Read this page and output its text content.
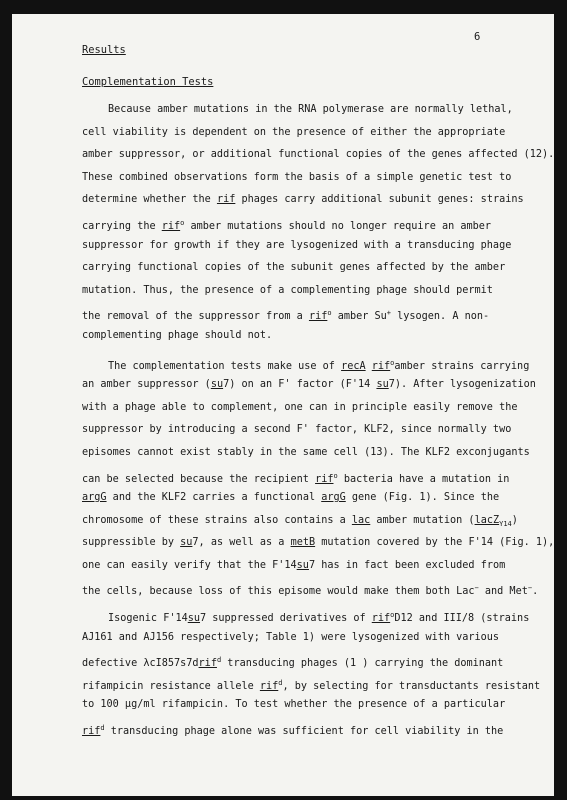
6
Results
Complementation Tests
Because amber mutations in the RNA polymerase are normally lethal,
cell viability is dependent on the presence of either the appropriate
amber suppressor, or additional functional copies of the genes affected (12).
These combined observations form the basis of a simple genetic test to
determine whether the rif phages carry additional subunit genes: strains
carrying the rif$^o$ amber mutations should no longer require an amber
suppressor for growth if they are lysogenized with a transducing phage
carrying functional copies of the subunit genes affected by the amber
mutation. Thus, the presence of a complementing phage should permit
the removal of the suppressor from a rif$^o$ amber Su+ lysogen. A non-
complementing phage should not.
The complementation tests make use of recA rif$^o$amber strains carrying
an amber suppressor (su7) on an F' factor (F'14 su7). After lysogenization
with a phage able to complement, one can in principle easily remove the
suppressor by introducing a second F' factor, KLF2, since normally two
episomes cannot exist stably in the same cell (13). The KLF2 exconjugants
can be selected because the recipient rif$^o$ bacteria have a mutation in
argG and the KLF2 carries a functional argG gene (Fig. 1). Since the
chromosome of these strains also contains a lac amber mutation (lacZ$_{Y14}$)
suppressible by su7, as well as a metB mutation covered by the F'14 (Fig. 1),
one can easily verify that the F'14su7 has in fact been excluded from
the cells, because loss of this episome would make them both Lac− and Met−.
Isogenic F'14su7 suppressed derivatives of rif$^o$D12 and III/8 (strains
AJ161 and AJ156 respectively; Table 1) were lysogenized with various
defective λcI857s7drif$^d$ transducing phages (1 ) carrying the dominant
rifampicin resistance allele rif$^d$, by selecting for transductants resistant
to 100 μg/ml rifampicin. To test whether the presence of a particular
rif$^d$ transducing phage alone was sufficient for cell viability in the
